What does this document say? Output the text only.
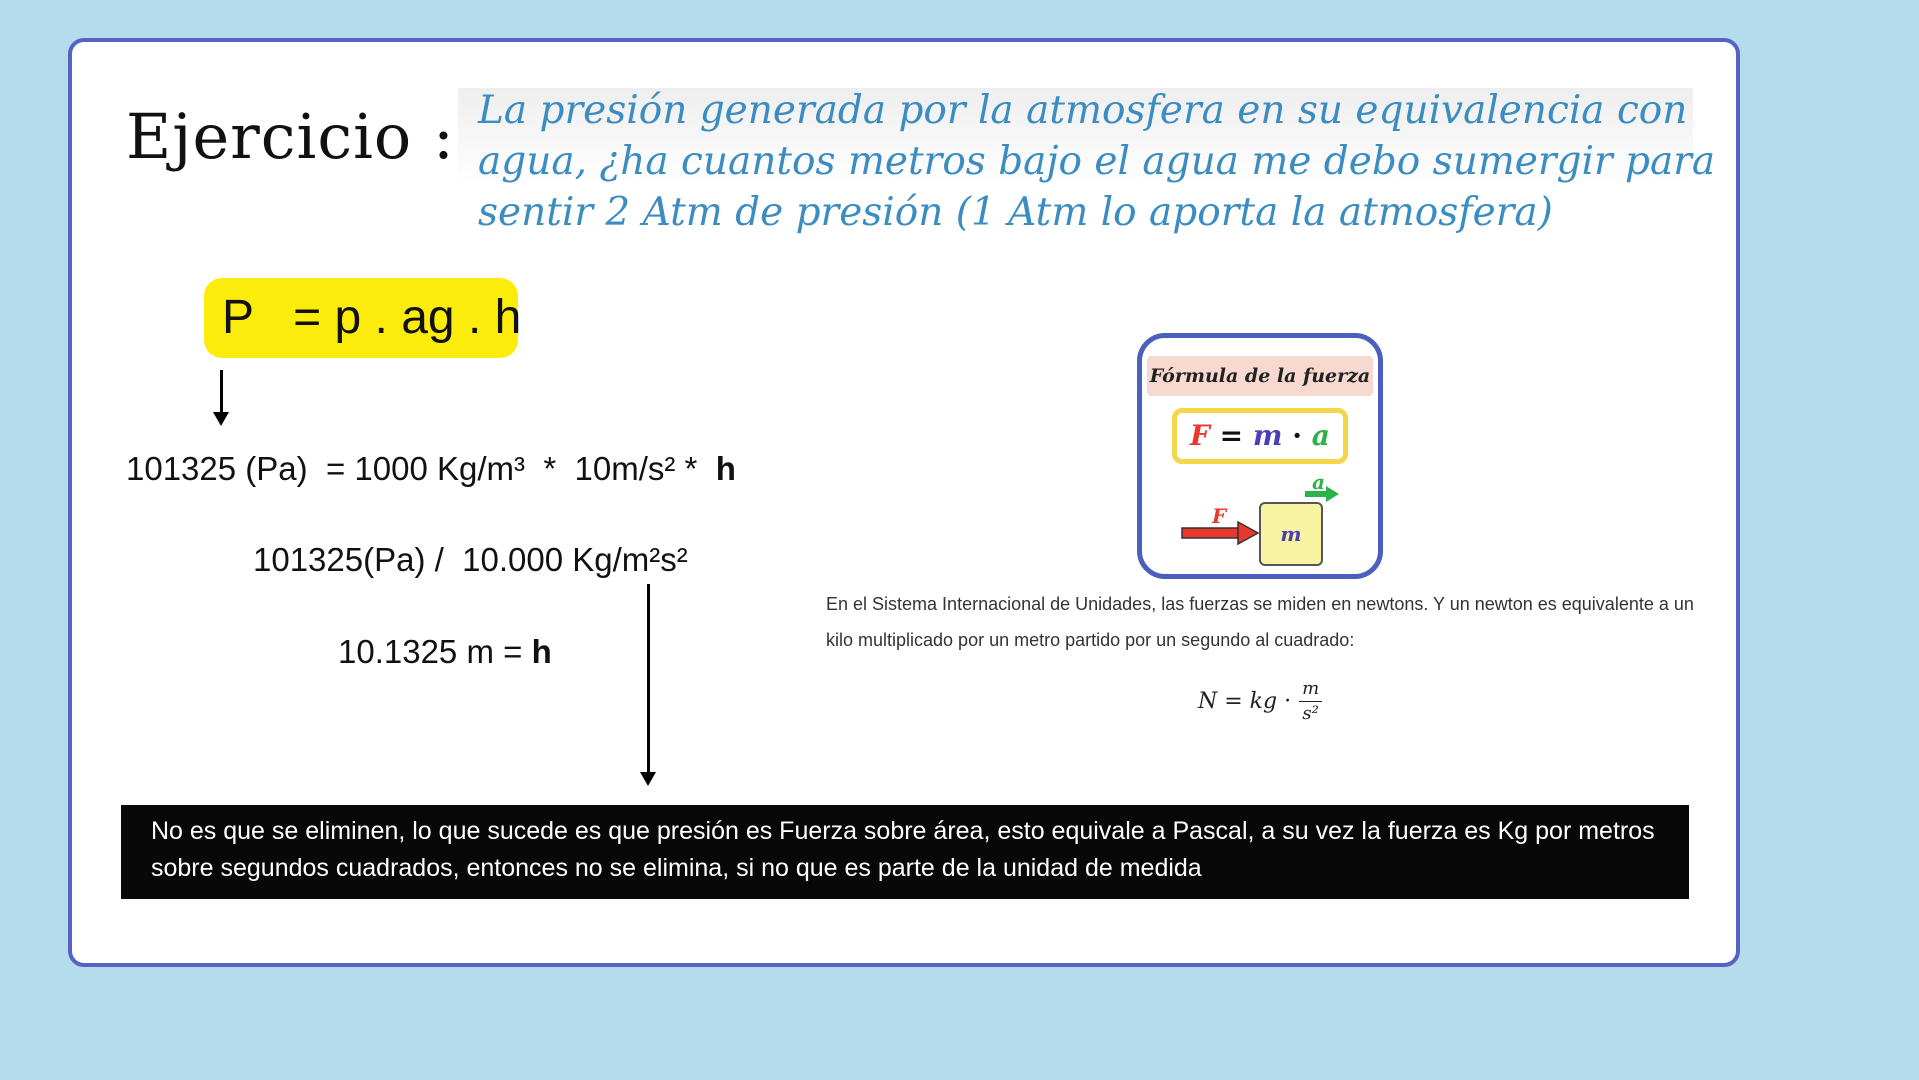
Ejercicio : La presión generada por la atmosfera en su equivalencia con
agua, ¿ha cuantos metros bajo el agua me debo sumergir para
sentir 2 Atm de presión (1 Atm lo aporta la atmosfera)
P   = p . ag . h
101325 (Pa)  = 1000 Kg/m³  *  10m/s² *  h
101325(Pa) /  10.000 Kg/m²s²
10.1325 m = h
Fórmula de la fuerza
F = m · a
F
a
m
En el Sistema Internacional de Unidades, las fuerzas se miden en newtons. Y un newton es equivalente a un kilo multiplicado por un metro partido por un segundo al cuadrado:
N = kg · $\frac{m}{\text{s²}}$
No es que se eliminen, lo que sucede es que presión es Fuerza sobre área, esto equivale a Pascal, a su vez la fuerza es Kg por metros sobre segundos cuadrados, entonces no se elimina, si no que es parte de la unidad de medida
